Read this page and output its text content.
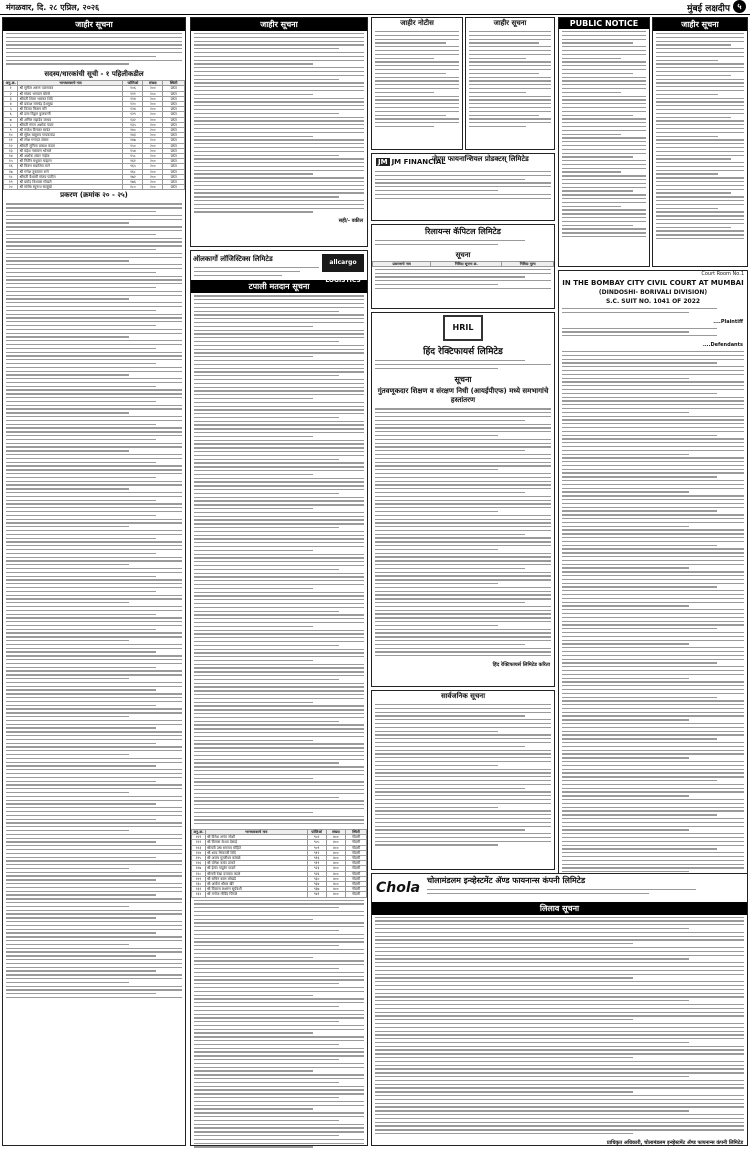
मंगळवार, दि. २८ एप्रिल, २०२६	मुंबई लक्षदीप ५
जाहीर सूचना
सदस्य/धारकांची सूची - १ पहिलीकडील
अनु.क्र.	भागधारकाचे नाव	फोलिओ	संख्या	स्थिती
१	श्री सुनील अरुण पाटणकर	१०६	२००	प्राप्त
२	श्री संजय भगवान बोरसे	१११	२००	प्राप्त
३	श्रीमती शिला भास्कर शिंदे	११४	२००	प्राप्त
४	श्री प्रकाश रामचंद्र देशमुख	१२०	२००	प्राप्त
५	श्री विजय किसन मोरे	१२४	२००	प्राप्त
६	श्री दत्ता विठ्ठल कुलकर्णी	१२९	२००	प्राप्त
७	श्री अनिल महादेव जाधव	१३२	२००	प्राप्त
८	श्रीमती मंगल अशोक पवार	१३५	२००	प्राप्त
९	श्री राजेश दिनकर सावंत	१४०	२००	प्राप्त
१०	श्री सुरेश बाबुराव गायकवाड	१४३	२००	प्राप्त
११	श्री रमेश गणपत शेलार	१४७	२००	प्राप्त
१२	श्रीमती सुनिता प्रकाश कदम	१५०	२००	प्राप्त
१३	श्री महेश नारायण भोसले	१५४	२००	प्राप्त
१४	श्री अशोक शंकर नाईक	१५८	२००	प्राप्त
१५	श्री नितीन मधुकर चव्हाण	१६१	२००	प्राप्त
१६	श्री किरण सदाशिव माने	१६५	२००	प्राप्त
१७	श्री गणेश तुकाराम राणे	१६८	२००	प्राप्त
१८	श्रीमती वैशाली संजय पाटील	१७२	२००	प्राप्त
१९	श्री प्रमोद विश्वास गोखले	१७६	२००	प्राप्त
२०	श्री संतोष रघुनाथ साळुंखे	१८०	२००	प्राप्त
प्रकरण (क्रमांक २० - २५)
जाहीर सूचना
सही/- वकील
allcargo LOGISTICS
ऑलकार्गो लॉजिस्टिक्स लिमिटेड
टपाली मतदान सूचना
अनु.क्र.	भागधारकाचे नाव	फोलिओ	संख्या	स्थिती
१२१	श्री दिनेश अनंत जोशी	९०२	४००	नोंदणी
१२२	श्री विलास केशव देसाई	९०५	४००	नोंदणी
१२३	श्रीमती उषा रामराव मोहिते	९०९	४००	नोंदणी
१२४	श्री शरद भिकाजी शिंदे	९१२	४००	नोंदणी
१२५	श्री अजय मुरलीधर कांबळे	९१६	४००	नोंदणी
१२६	श्री योगेश वसंत ठाकरे	९१९	४००	नोंदणी
१२७	श्री हेमंत पांडुरंग घाडगे	९२३	४००	नोंदणी
१२८	श्रीमती रेखा दत्तात्रय काळे	९२६	४००	नोंदणी
१२९	श्री सचिन बबन लोखंडे	९३०	४००	नोंदणी
१३०	श्री अमोल श्रीधर खैरे	९३४	४००	नोंदणी
१३१	श्री विकास लक्ष्मण सूर्यवंशी	९३७	४००	नोंदणी
१३२	श्री मनोज गोविंद पिंगळे	९४१	४००	नोंदणी
जाहीर नोटीस	जाहीर सूचना
JM JM FINANCIAL
जेएम फायनान्शियल प्रोडक्टस् लिमिटेड
रिलायन्स कॅपिटल लिमिटेड
सूचना
प्रकरणाचे नाव	निविदा सूचना क्र.	निविदा मूल्य
HRIL
हिंद रेक्टिफायर्स लिमिटेड
सूचना
गुंतवणूकदार शिक्षण व संरक्षण निधी (आयईपीएफ) मध्ये समभागांचे हस्तांतरण
हिंद रेक्टिफायर्स लिमिटेड करिता
सार्वजनिक सूचना
PUBLIC NOTICE	जाहीर सूचना
Court Room No.1
IN THE BOMBAY CITY CIVIL COURT AT MUMBAI
(DINDOSHI- BORIVALI DIVISION)
S.C. SUIT NO. 1041 OF 2022
....Plaintiff
....Defendants
Chola चोलामंडलम इन्व्हेस्टमेंट ॲण्ड फायनान्स कंपनी लिमिटेड
लिलाव सूचना
प्राधिकृत अधिकारी, चोलामंडलम इन्व्हेस्टमेंट ॲण्ड फायनान्स कंपनी लिमिटेड
